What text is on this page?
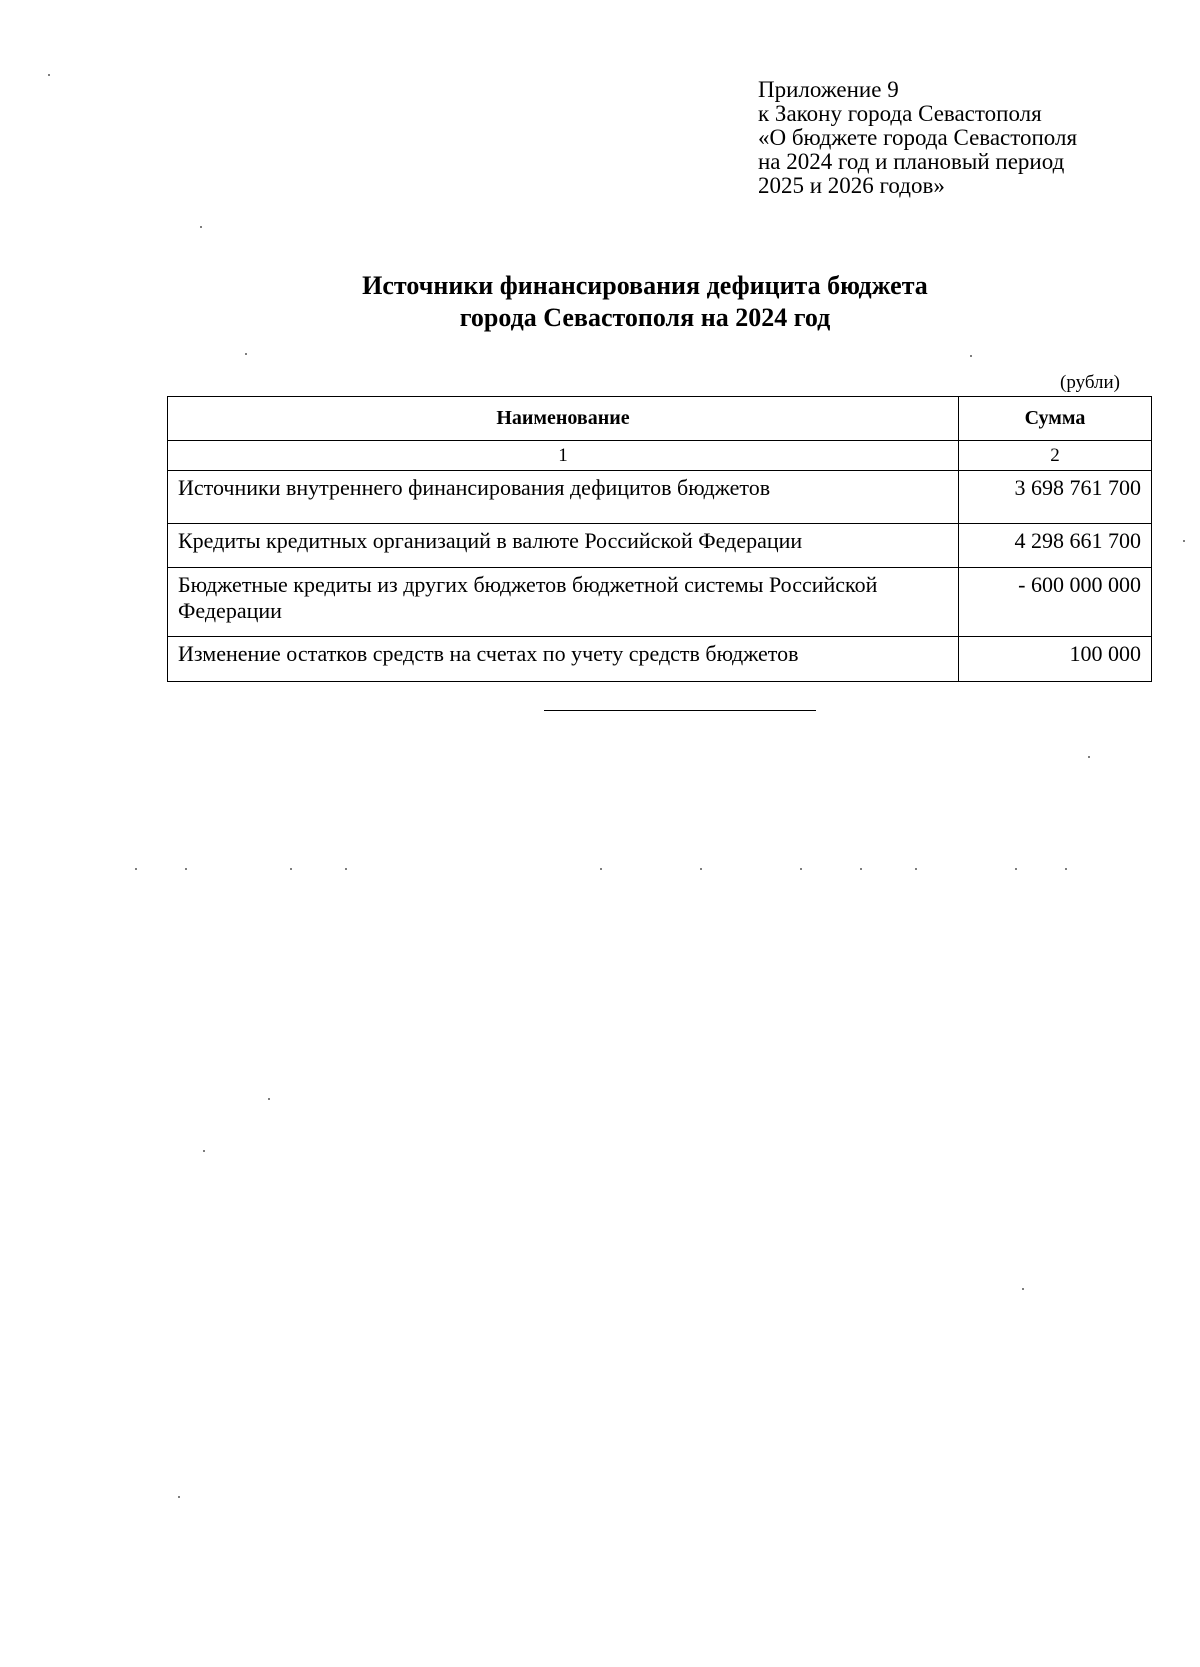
Приложение 9
к Закону города Севастополя
«О бюджете города Севастополя
на 2024 год и плановый период
2025 и 2026 годов»
Источники финансирования дефицита бюджета
города Севастополя на 2024 год
(рубли)
Наименование	Сумма
1	2
Источники внутреннего финансирования дефицитов бюджетов	3 698 761 700
Кредиты кредитных организаций в валюте Российской Федерации	4 298 661 700
Бюджетные кредиты из других бюджетов бюджетной системы Российской Федерации	- 600 000 000
Изменение остатков средств на счетах по учету средств бюджетов	100 000
